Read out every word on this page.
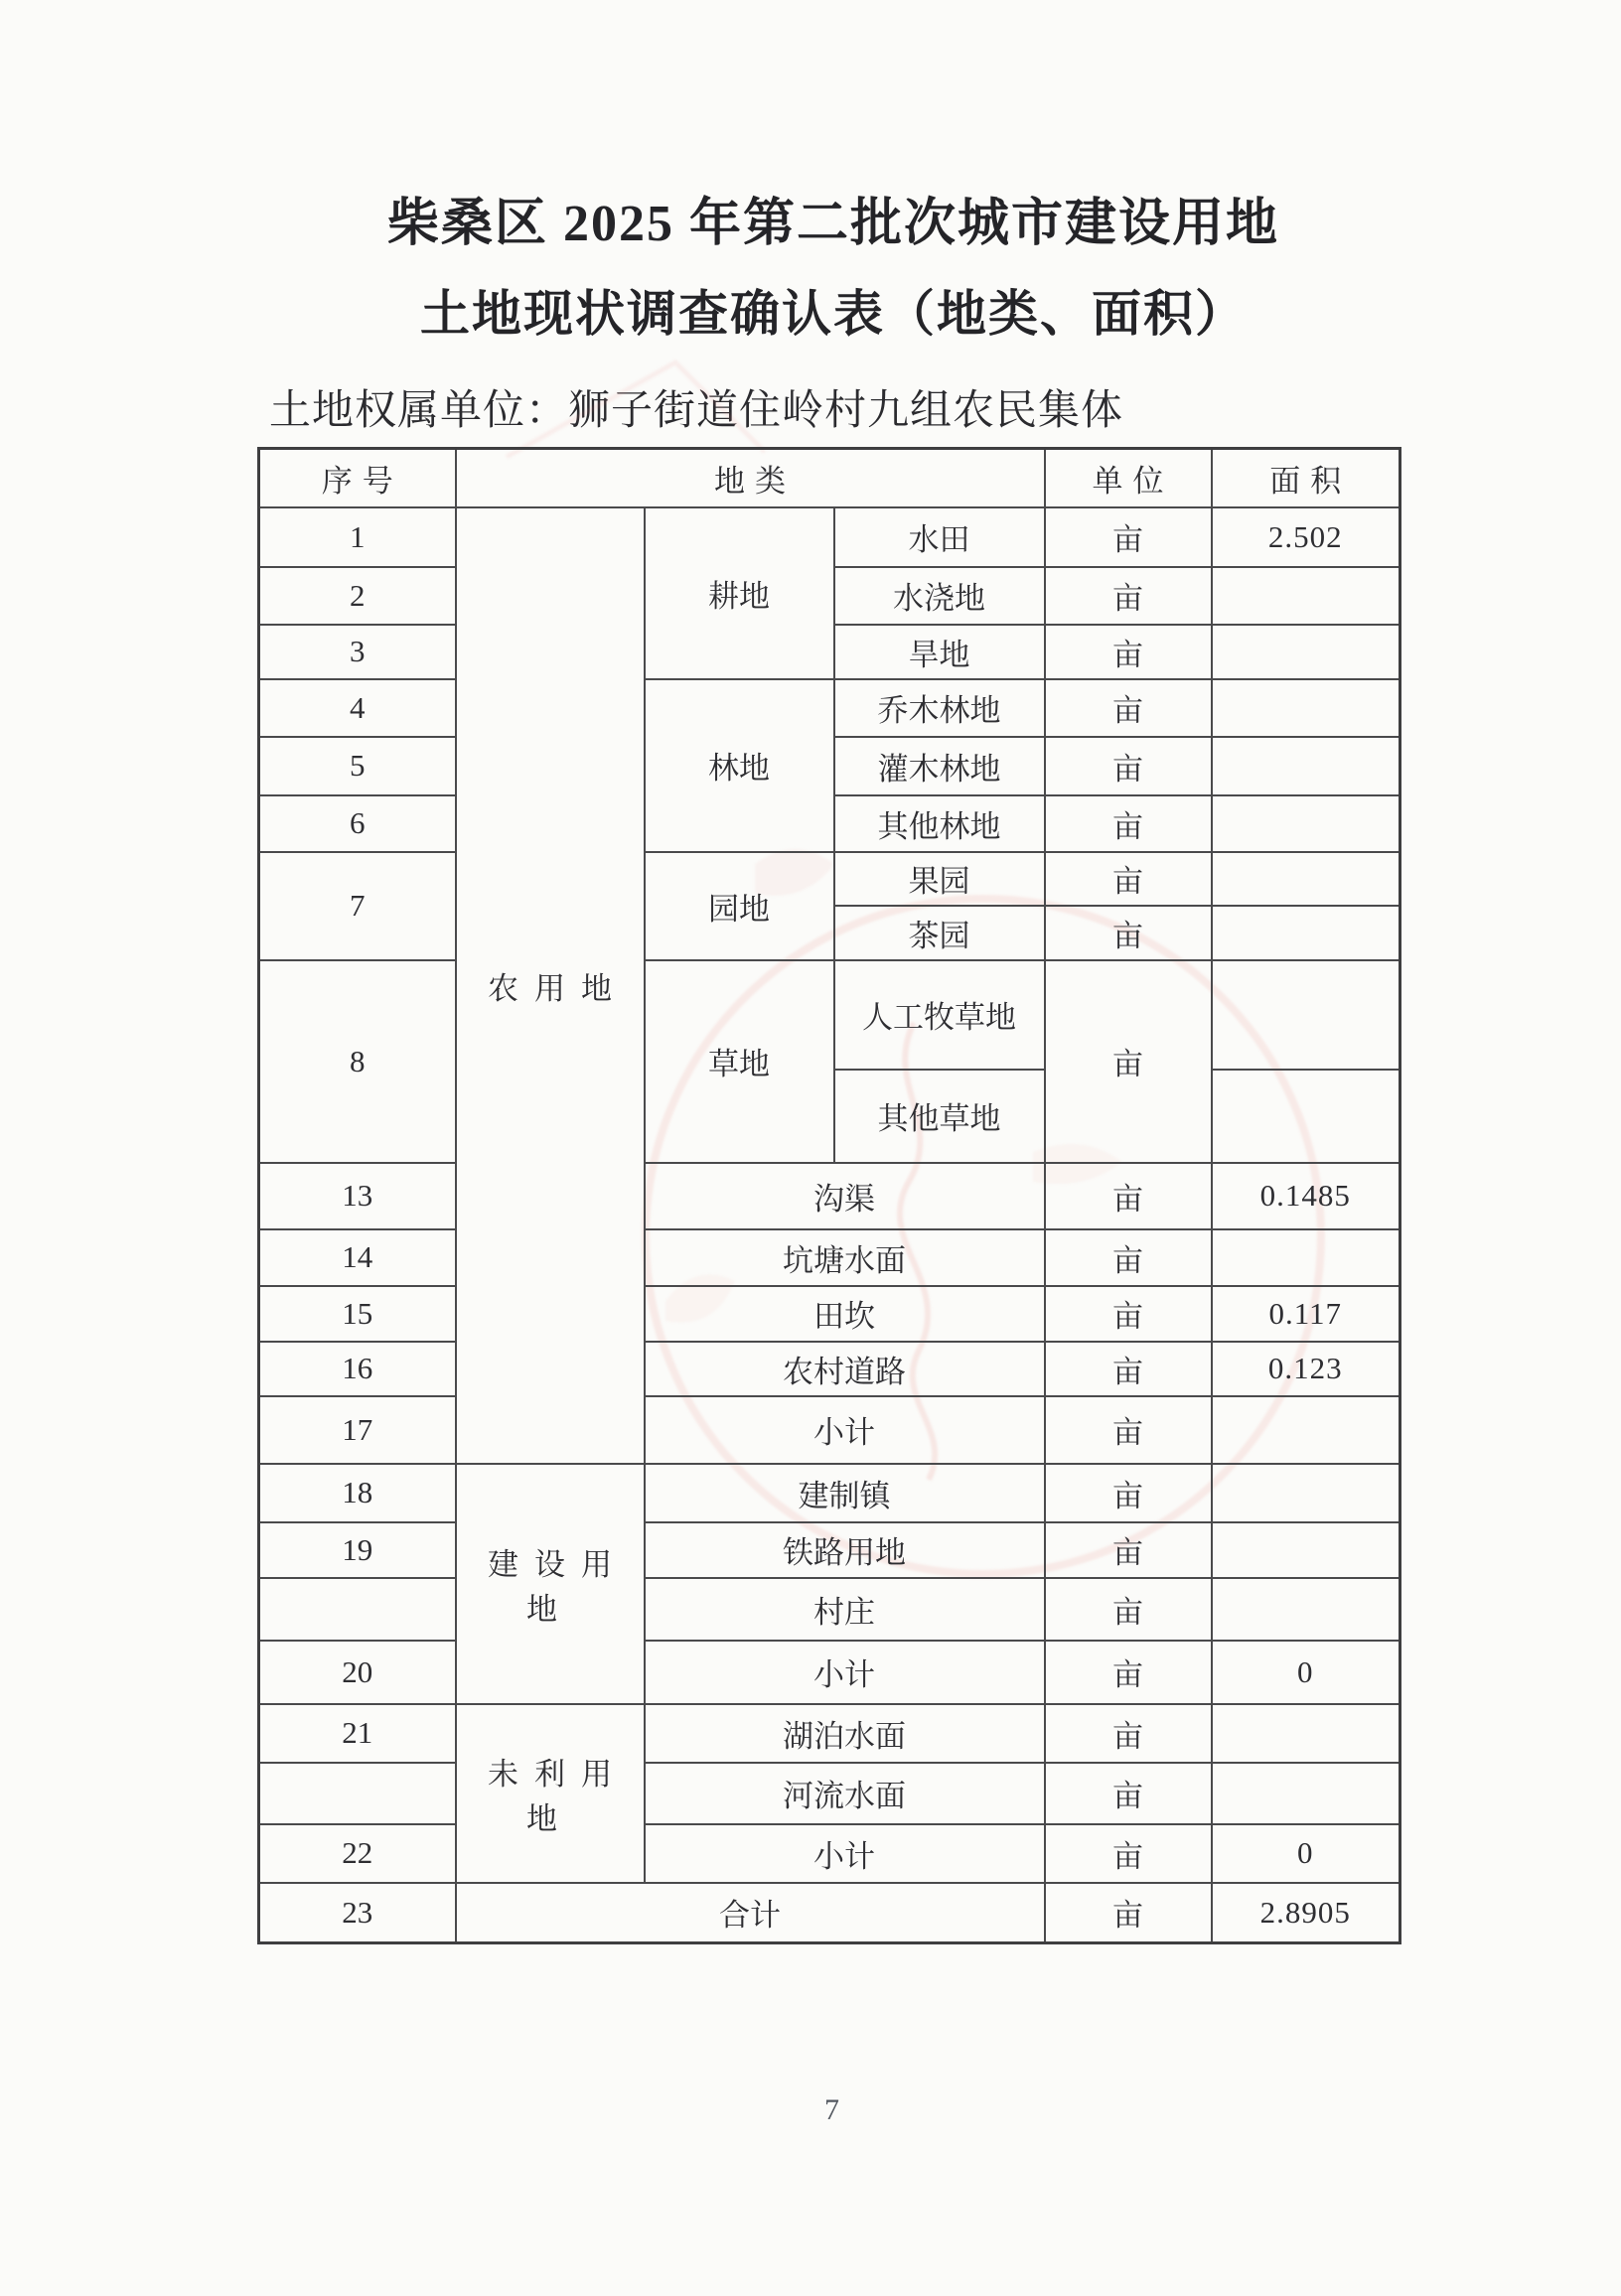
柴桑区 2025 年第二批次城市建设用地
土地现状调查确认表（地类、面积）
土地权属单位：狮子街道住岭村九组农民集体
序号	地类			单位	面积
1	农用地	耕地	水田	亩	2.502
2			水浇地	亩	
3			旱地	亩	
4		林地	乔木林地	亩	
5			灌木林地	亩	
6			其他林地	亩	
7		园地	果园	亩	
			茶园	亩	
8		草地	人工牧草地	亩	
			其他草地		
13		沟渠		亩	0.1485
14		坑塘水面		亩	
15		田坎		亩	0.117
16		农村道路		亩	0.123
17		小计		亩	
18	建设用地	建制镇		亩	
19		铁路用地		亩	
		村庄		亩	
20		小计		亩	0
21	未利用地	湖泊水面		亩	
		河流水面		亩	
22		小计		亩	0
23	合计			亩	2.8905
7
